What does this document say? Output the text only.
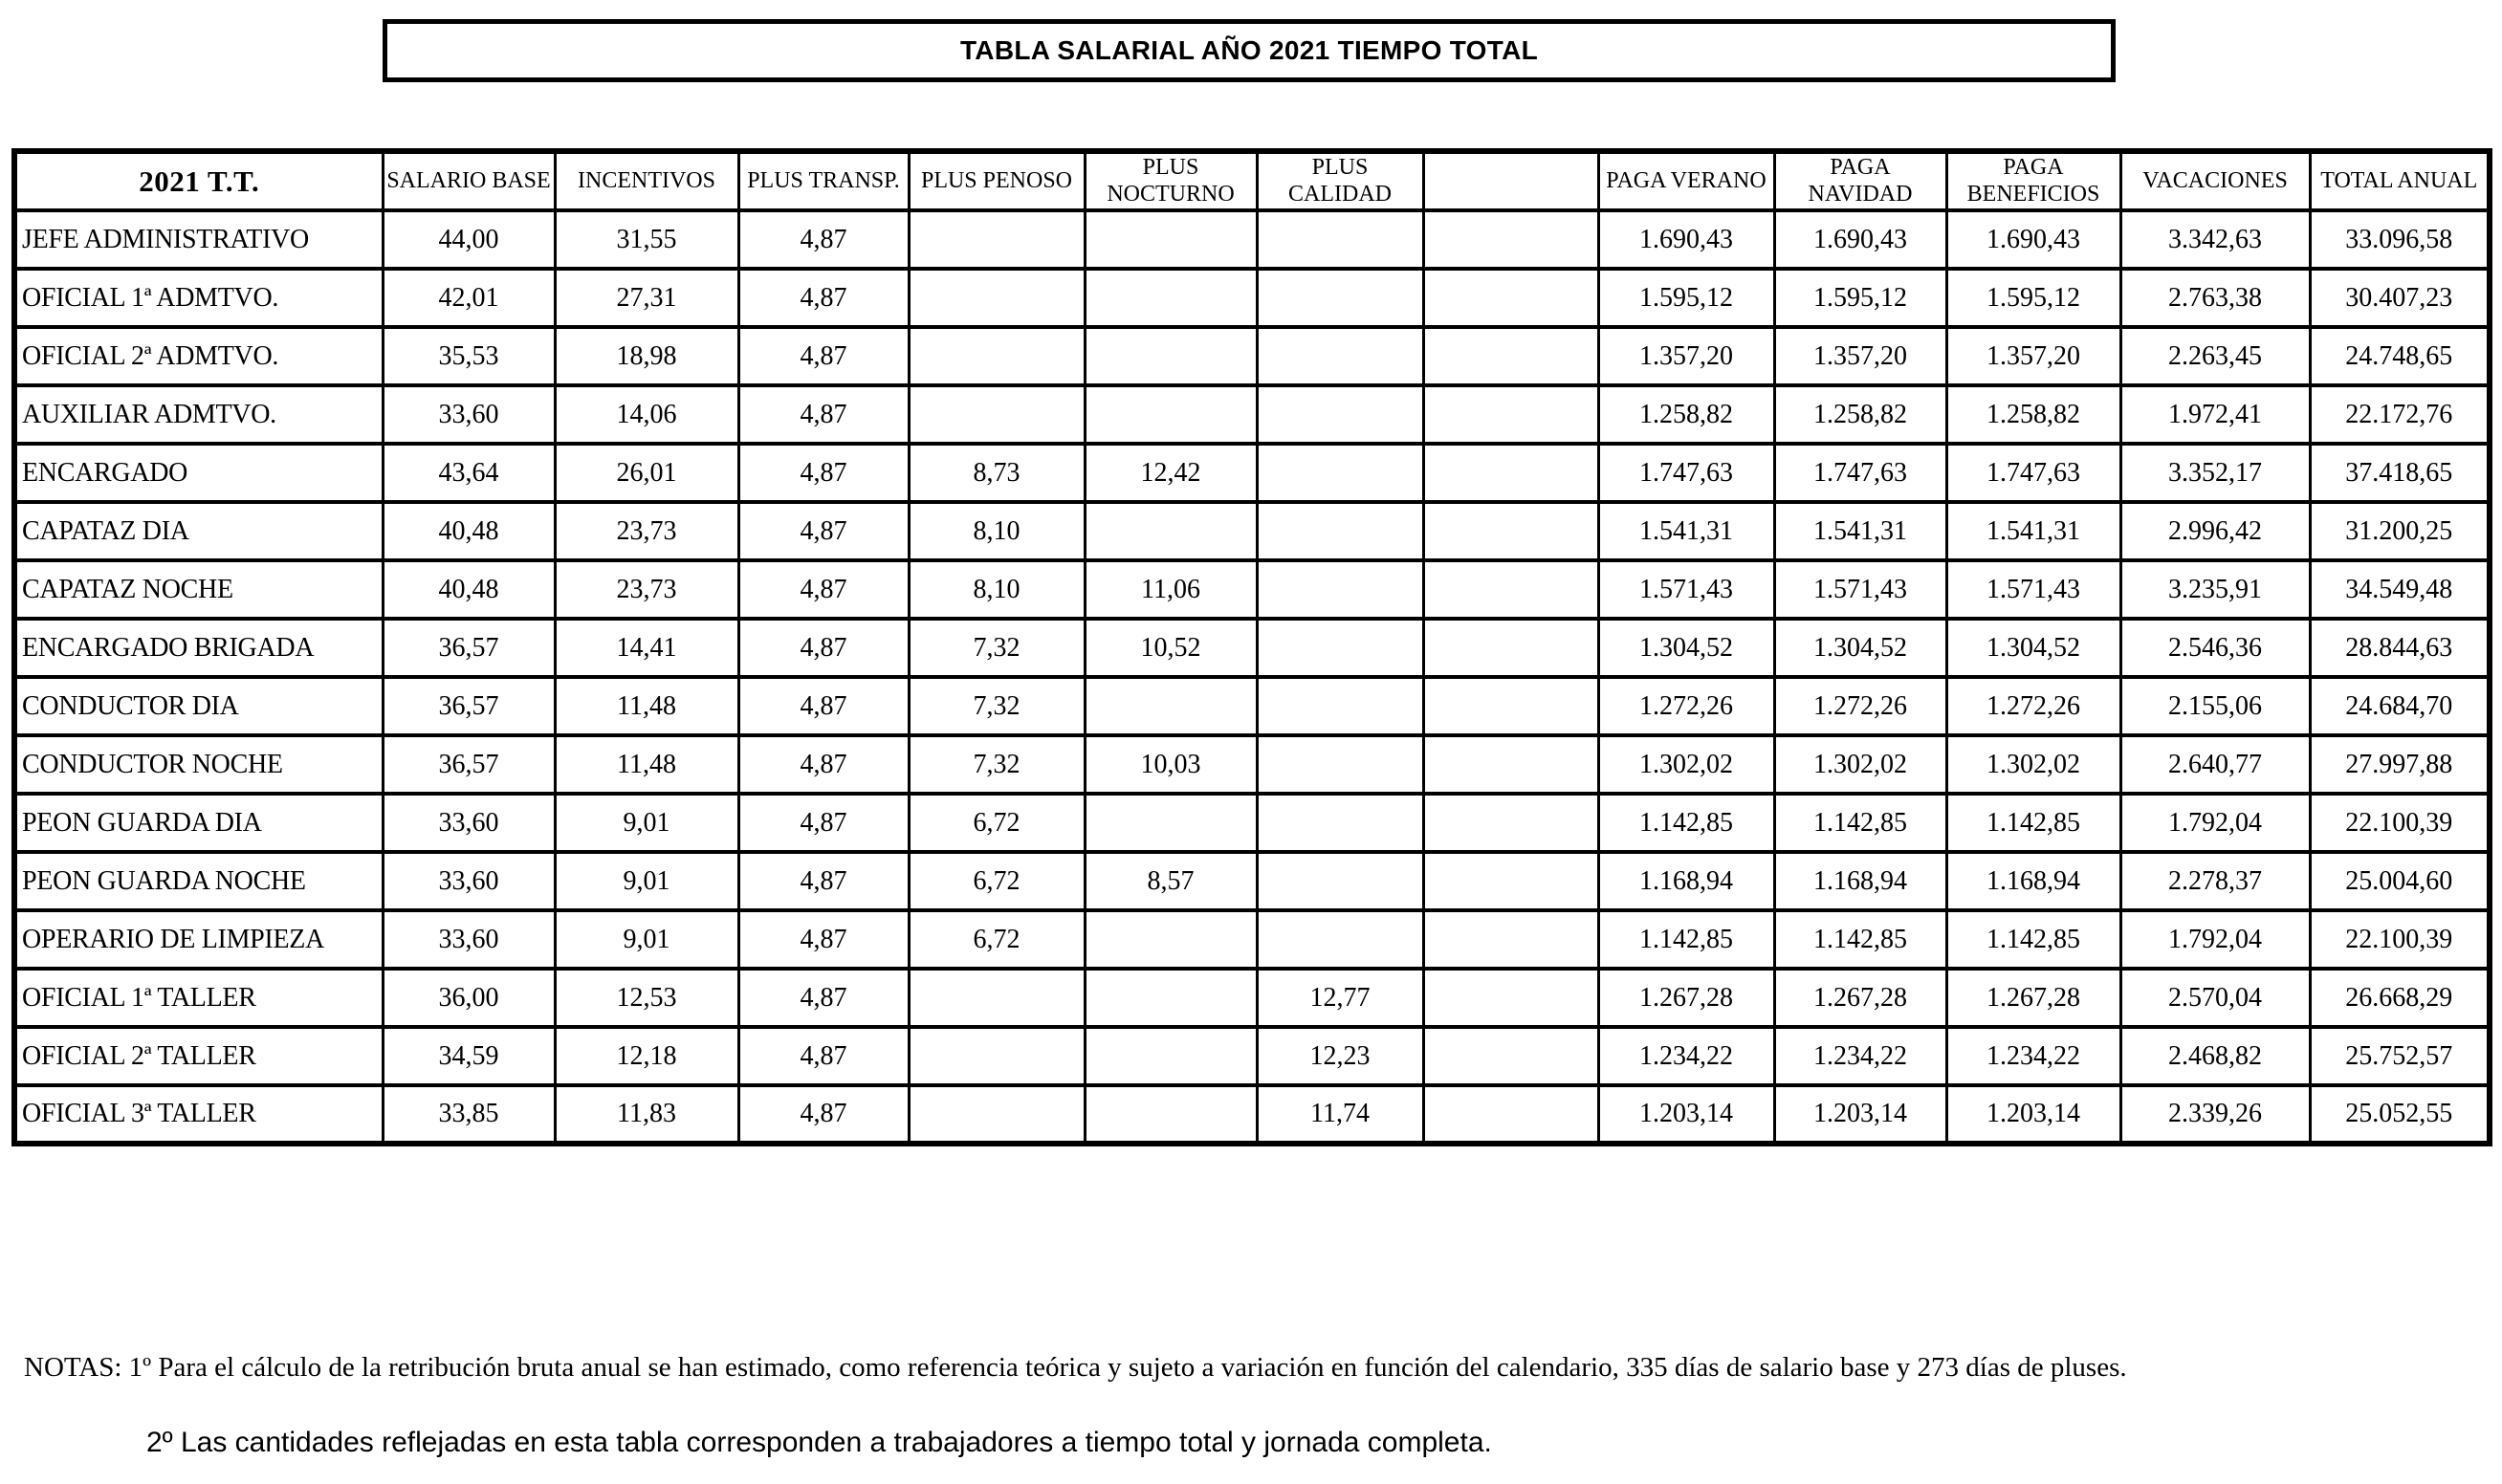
TABLA SALARIAL AÑO 2021 TIEMPO TOTAL
2021 T.T.	SALARIO BASE	INCENTIVOS	PLUS TRANSP.	PLUS PENOSO	PLUS NOCTURNO	PLUS CALIDAD		PAGA VERANO	PAGA NAVIDAD	PAGA BENEFICIOS	VACACIONES	TOTAL ANUAL
JEFE ADMINISTRATIVO	44,00	31,55	4,87					1.690,43	1.690,43	1.690,43	3.342,63	33.096,58
OFICIAL 1ª ADMTVO.	42,01	27,31	4,87					1.595,12	1.595,12	1.595,12	2.763,38	30.407,23
OFICIAL 2ª ADMTVO.	35,53	18,98	4,87					1.357,20	1.357,20	1.357,20	2.263,45	24.748,65
AUXILIAR ADMTVO.	33,60	14,06	4,87					1.258,82	1.258,82	1.258,82	1.972,41	22.172,76
ENCARGADO	43,64	26,01	4,87	8,73	12,42			1.747,63	1.747,63	1.747,63	3.352,17	37.418,65
CAPATAZ DIA	40,48	23,73	4,87	8,10				1.541,31	1.541,31	1.541,31	2.996,42	31.200,25
CAPATAZ NOCHE	40,48	23,73	4,87	8,10	11,06			1.571,43	1.571,43	1.571,43	3.235,91	34.549,48
ENCARGADO BRIGADA	36,57	14,41	4,87	7,32	10,52			1.304,52	1.304,52	1.304,52	2.546,36	28.844,63
CONDUCTOR DIA	36,57	11,48	4,87	7,32				1.272,26	1.272,26	1.272,26	2.155,06	24.684,70
CONDUCTOR NOCHE	36,57	11,48	4,87	7,32	10,03			1.302,02	1.302,02	1.302,02	2.640,77	27.997,88
PEON GUARDA DIA	33,60	9,01	4,87	6,72				1.142,85	1.142,85	1.142,85	1.792,04	22.100,39
PEON GUARDA NOCHE	33,60	9,01	4,87	6,72	8,57			1.168,94	1.168,94	1.168,94	2.278,37	25.004,60
OPERARIO DE LIMPIEZA	33,60	9,01	4,87	6,72				1.142,85	1.142,85	1.142,85	1.792,04	22.100,39
OFICIAL 1ª TALLER	36,00	12,53	4,87			12,77		1.267,28	1.267,28	1.267,28	2.570,04	26.668,29
OFICIAL 2ª TALLER	34,59	12,18	4,87			12,23		1.234,22	1.234,22	1.234,22	2.468,82	25.752,57
OFICIAL 3ª TALLER	33,85	11,83	4,87			11,74		1.203,14	1.203,14	1.203,14	2.339,26	25.052,55
NOTAS: 1º Para el cálculo de la retribución bruta anual se han estimado, como referencia teórica y sujeto a variación en función del calendario, 335 días de salario base y 273 días de pluses.
2º Las cantidades reflejadas en esta tabla corresponden a trabajadores a tiempo total y jornada completa.
